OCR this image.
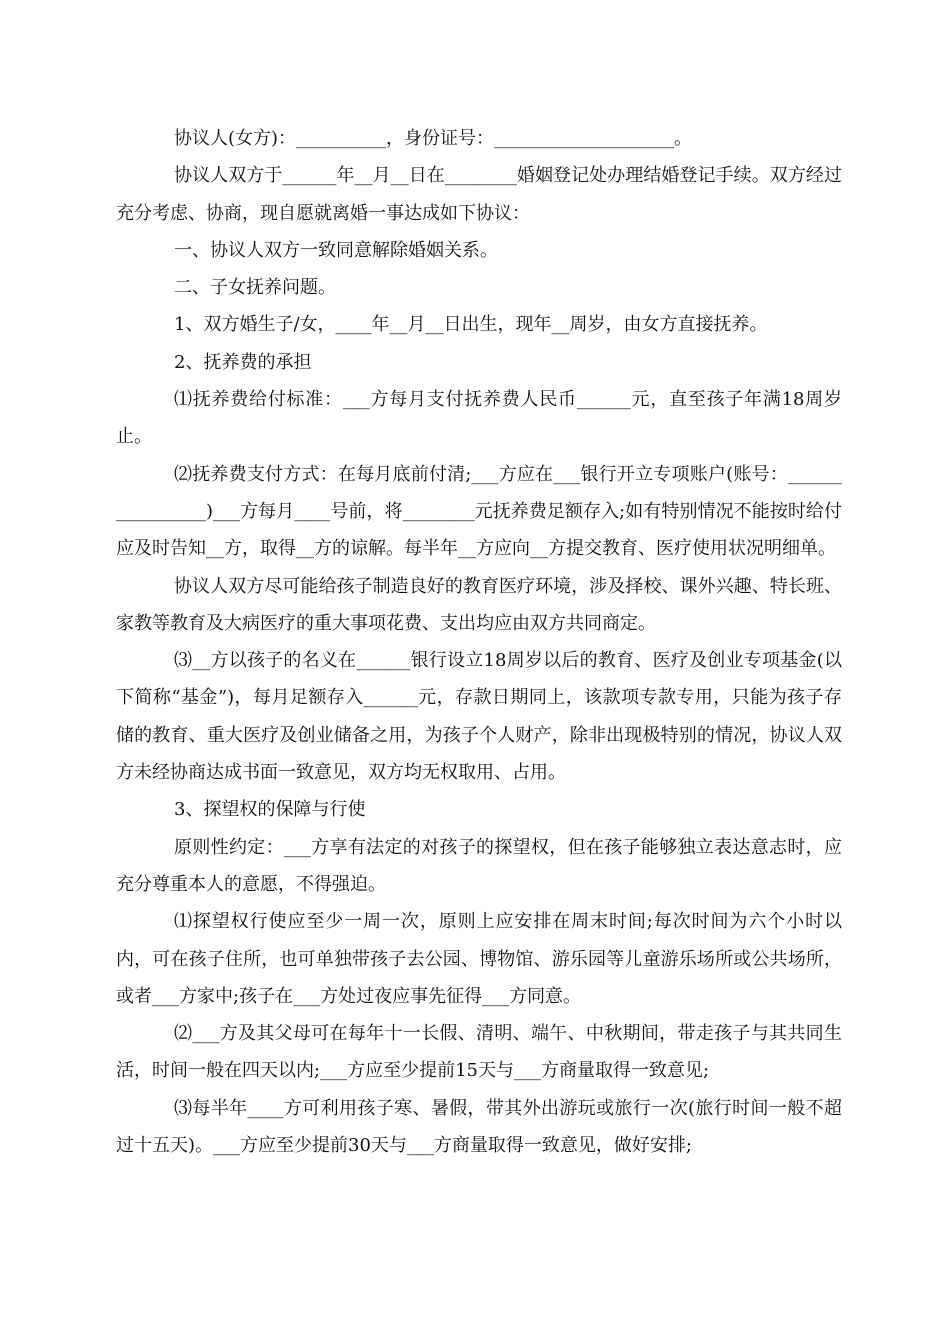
协议人(女方)：__________，身份证号：____________________。

协议人双方于______年__月__日在________婚姻登记处办理结婚登记手续。双方经过充分考虑、协商，现自愿就离婚一事达成如下协议：

一、协议人双方一致同意解除婚姻关系。

二、子女抚养问题。

1、双方婚生子/女，____年__月__日出生，现年__周岁，由女方直接抚养。

2、抚养费的承担

⑴抚养费给付标准：___方每月支付抚养费人民币______元，直至孩子年满18周岁止。

⑵抚养费支付方式：在每月底前付清;___方应在___银行开立专项账户(账号：________________)___方每月____号前，将________元抚养费足额存入;如有特别情况不能按时给付应及时告知__方，取得__方的谅解。每半年__方应向__方提交教育、医疗使用状况明细单。

协议人双方尽可能给孩子制造良好的教育医疗环境，涉及择校、课外兴趣、特长班、家教等教育及大病医疗的重大事项花费、支出均应由双方共同商定。

⑶__方以孩子的名义在______银行设立18周岁以后的教育、医疗及创业专项基金(以下简称“基金”)，每月足额存入______元，存款日期同上，该款项专款专用，只能为孩子存储的教育、重大医疗及创业储备之用，为孩子个人财产，除非出现极特别的情况，协议人双方未经协商达成书面一致意见，双方均无权取用、占用。

3、探望权的保障与行使

原则性约定：___方享有法定的对孩子的探望权，但在孩子能够独立表达意志时，应充分尊重本人的意愿，不得强迫。

⑴探望权行使应至少一周一次，原则上应安排在周末时间;每次时间为六个小时以内，可在孩子住所，也可单独带孩子去公园、博物馆、游乐园等儿童游乐场所或公共场所，或者___方家中;孩子在___方处过夜应事先征得___方同意。

⑵___方及其父母可在每年十一长假、清明、端午、中秋期间，带走孩子与其共同生活，时间一般在四天以内;___方应至少提前15天与___方商量取得一致意见;

⑶每半年____方可利用孩子寒、暑假，带其外出游玩或旅行一次(旅行时间一般不超过十五天)。___方应至少提前30天与___方商量取得一致意见，做好安排;
